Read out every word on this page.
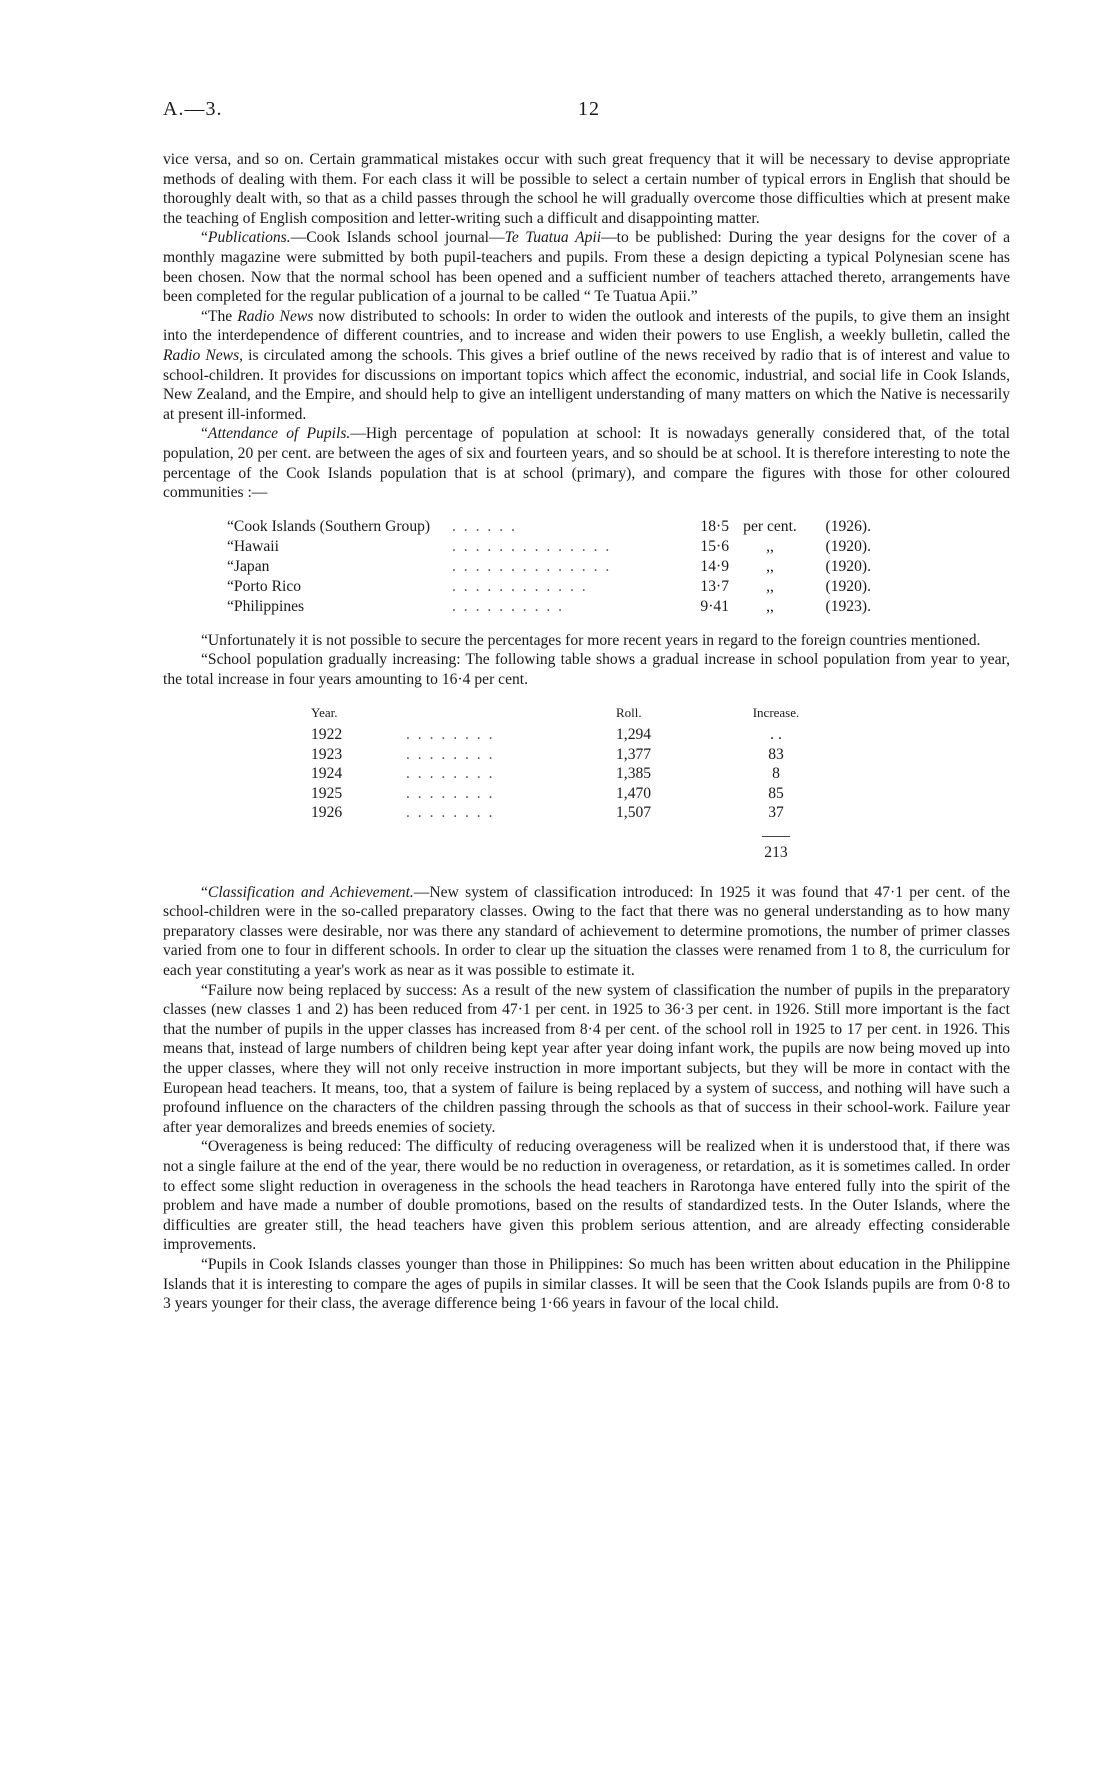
A.—3.	12

vice versa, and so on. Certain grammatical mistakes occur with such great frequency that it will be necessary to devise appropriate methods of dealing with them. For each class it will be possible to select a certain number of typical errors in English that should be thoroughly dealt with, so that as a child passes through the school he will gradually overcome those difficulties which at present make the teaching of English composition and letter-writing such a difficult and disappointing matter.

“Publications.—Cook Islands school journal—Te Tuatua Apii—to be published: During the year designs for the cover of a monthly magazine were submitted by both pupil-teachers and pupils. From these a design depicting a typical Polynesian scene has been chosen. Now that the normal school has been opened and a sufficient number of teachers attached thereto, arrangements have been completed for the regular publication of a journal to be called “ Te Tuatua Apii.”

“The Radio News now distributed to schools: In order to widen the outlook and interests of the pupils, to give them an insight into the interdependence of different countries, and to increase and widen their powers to use English, a weekly bulletin, called the Radio News, is circulated among the schools. This gives a brief outline of the news received by radio that is of interest and value to school-children. It provides for discussions on important topics which affect the economic, industrial, and social life in Cook Islands, New Zealand, and the Empire, and should help to give an intelligent understanding of many matters on which the Native is necessarily at present ill-informed.

“Attendance of Pupils.—High percentage of population at school: It is nowadays generally considered that, of the total population, 20 per cent. are between the ages of six and fourteen years, and so should be at school. It is therefore interesting to note the percentage of the Cook Islands population that is at school (primary), and compare the figures with those for other coloured communities :—

“Cook Islands (Southern Group)	. . . . . .	18·5	per cent.	(1926).
“Hawaii	. . . . . . . . . . . . . .	15·6	,,	(1920).
“Japan	. . . . . . . . . . . . . .	14·9	,,	(1920).
“Porto Rico	. . . . . . . . . . . .	13·7	,,	(1920).
“Philippines	. . . . . . . . . .	9·41	,,	(1923).

“Unfortunately it is not possible to secure the percentages for more recent years in regard to the foreign countries mentioned.

“School population gradually increasing: The following table shows a gradual increase in school population from year to year, the total increase in four years amounting to 16·4 per cent.

Year.		Roll.	Increase.
1922	. . . . . . . .	1,294	. .
1923	. . . . . . . .	1,377	83
1924	. . . . . . . .	1,385	8
1925	. . . . . . . .	1,470	85
1926	. . . . . . . .	1,507	37

			213

“Classification and Achievement.—New system of classification introduced: In 1925 it was found that 47·1 per cent. of the school-children were in the so-called preparatory classes. Owing to the fact that there was no general understanding as to how many preparatory classes were desirable, nor was there any standard of achievement to determine promotions, the number of primer classes varied from one to four in different schools. In order to clear up the situation the classes were renamed from 1 to 8, the curriculum for each year constituting a year's work as near as it was possible to estimate it.

“Failure now being replaced by success: As a result of the new system of classification the number of pupils in the preparatory classes (new classes 1 and 2) has been reduced from 47·1 per cent. in 1925 to 36·3 per cent. in 1926. Still more important is the fact that the number of pupils in the upper classes has increased from 8·4 per cent. of the school roll in 1925 to 17 per cent. in 1926. This means that, instead of large numbers of children being kept year after year doing infant work, the pupils are now being moved up into the upper classes, where they will not only receive instruction in more important subjects, but they will be more in contact with the European head teachers. It means, too, that a system of failure is being replaced by a system of success, and nothing will have such a profound influence on the characters of the children passing through the schools as that of success in their school-work. Failure year after year demoralizes and breeds enemies of society.

“Overageness is being reduced: The difficulty of reducing overageness will be realized when it is understood that, if there was not a single failure at the end of the year, there would be no reduction in overageness, or retardation, as it is sometimes called. In order to effect some slight reduction in overageness in the schools the head teachers in Rarotonga have entered fully into the spirit of the problem and have made a number of double promotions, based on the results of standardized tests. In the Outer Islands, where the difficulties are greater still, the head teachers have given this problem serious attention, and are already effecting considerable improvements.

“Pupils in Cook Islands classes younger than those in Philippines: So much has been written about education in the Philippine Islands that it is interesting to compare the ages of pupils in similar classes. It will be seen that the Cook Islands pupils are from 0·8 to 3 years younger for their class, the average difference being 1·66 years in favour of the local child.
